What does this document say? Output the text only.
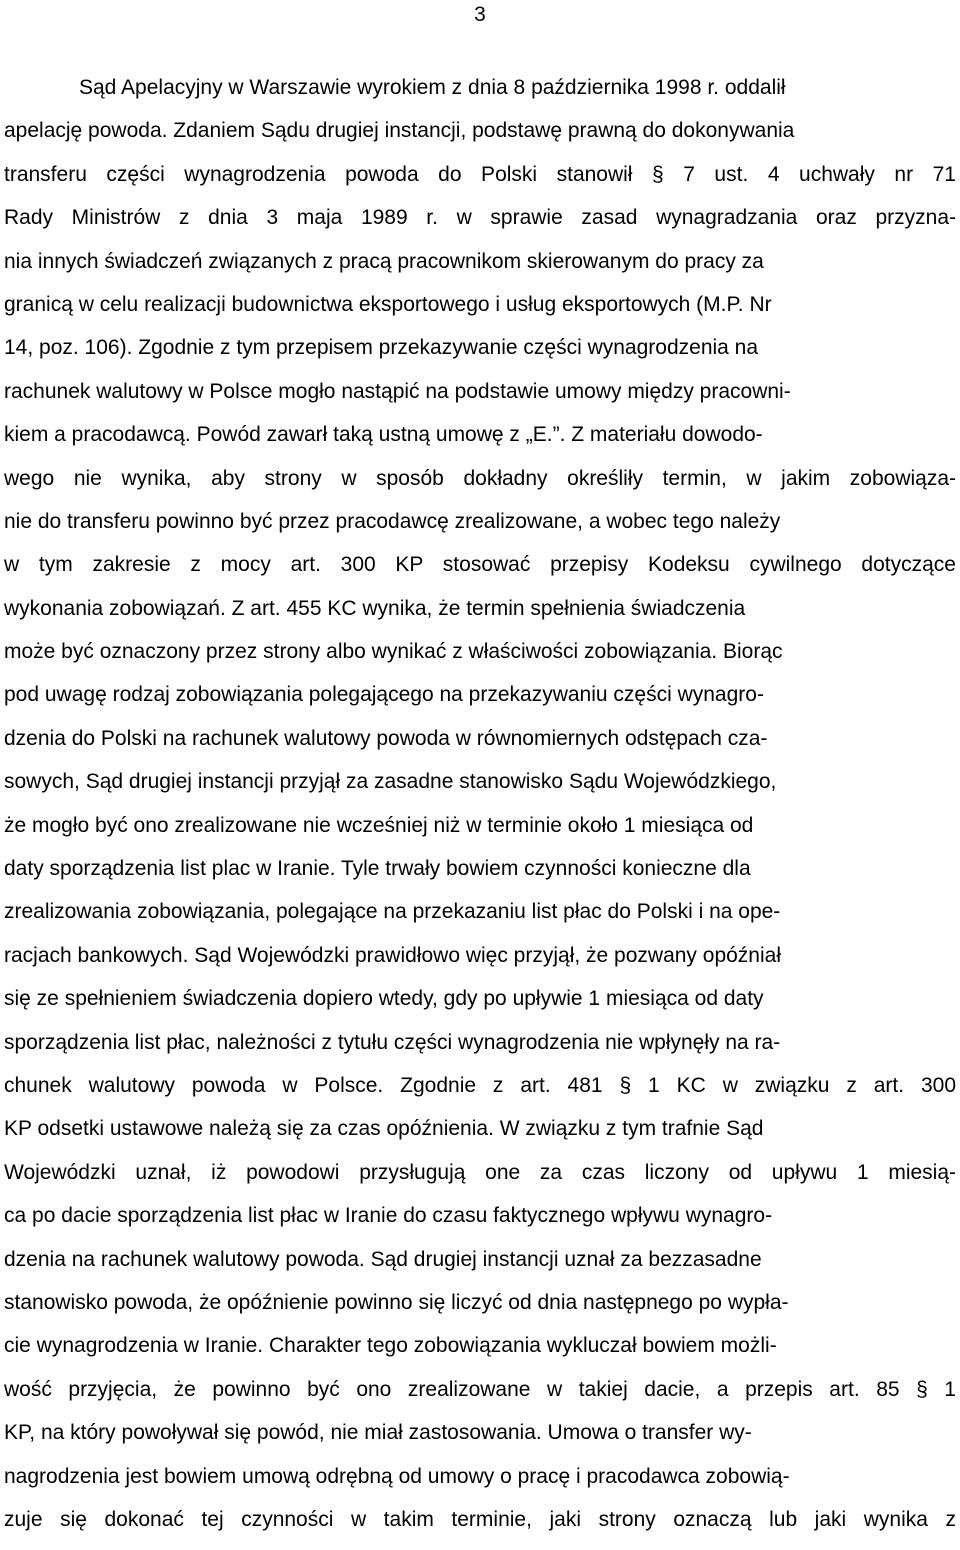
3
Sąd Apelacyjny w Warszawie wyrokiem z dnia 8 października 1998 r. oddalił
apelację powoda. Zdaniem Sądu drugiej instancji, podstawę prawną do dokonywania
transferu części wynagrodzenia powoda do Polski stanowił § 7 ust. 4 uchwały nr 71
Rady Ministrów z dnia 3 maja 1989 r. w sprawie zasad wynagradzania oraz przyzna-
nia innych świadczeń związanych z pracą pracownikom skierowanym do pracy za
granicą w celu realizacji budownictwa eksportowego i usług eksportowych (M.P. Nr
14, poz. 106). Zgodnie z tym przepisem przekazywanie części wynagrodzenia na
rachunek walutowy w Polsce mogło nastąpić na podstawie umowy między pracowni-
kiem a pracodawcą. Powód zawarł taką ustną umowę z „E.”. Z materiału dowodo-
wego nie wynika, aby strony w sposób dokładny określiły termin, w jakim zobowiąza-
nie do transferu powinno być przez pracodawcę zrealizowane, a wobec tego należy
w tym zakresie z mocy art. 300 KP stosować przepisy Kodeksu cywilnego dotyczące
wykonania zobowiązań. Z art. 455 KC wynika, że termin spełnienia świadczenia
może być oznaczony przez strony albo wynikać z właściwości zobowiązania. Biorąc
pod uwagę rodzaj zobowiązania polegającego na przekazywaniu części wynagro-
dzenia do Polski na rachunek walutowy powoda w równomiernych odstępach cza-
sowych, Sąd drugiej instancji przyjął za zasadne stanowisko Sądu Wojewódzkiego,
że mogło być ono zrealizowane nie wcześniej niż w terminie około 1 miesiąca od
daty sporządzenia list plac w Iranie. Tyle trwały bowiem czynności konieczne dla
zrealizowania zobowiązania, polegające na przekazaniu list płac do Polski i na ope-
racjach bankowych. Sąd Wojewódzki prawidłowo więc przyjął, że pozwany opóźniał
się ze spełnieniem świadczenia dopiero wtedy, gdy po upływie 1 miesiąca od daty
sporządzenia list płac, należności z tytułu części wynagrodzenia nie wpłynęły na ra-
chunek walutowy powoda w Polsce. Zgodnie z art. 481 § 1 KC w związku z art. 300
KP odsetki ustawowe należą się za czas opóźnienia. W związku z tym trafnie Sąd
Wojewódzki uznał, iż powodowi przysługują one za czas liczony od upływu 1 miesią-
ca po dacie sporządzenia list płac w Iranie do czasu faktycznego wpływu wynagro-
dzenia na rachunek walutowy powoda. Sąd drugiej instancji uznał za bezzasadne
stanowisko powoda, że opóźnienie powinno się liczyć od dnia następnego po wypła-
cie wynagrodzenia w Iranie. Charakter tego zobowiązania wykluczał bowiem możli-
wość przyjęcia, że powinno być ono zrealizowane w takiej dacie, a przepis art. 85 § 1
KP, na który powoływał się powód, nie miał zastosowania. Umowa o transfer wy-
nagrodzenia jest bowiem umową odrębną od umowy o pracę i pracodawca zobowią-
zuje się dokonać tej czynności w takim terminie, jaki strony oznaczą lub jaki wynika z
